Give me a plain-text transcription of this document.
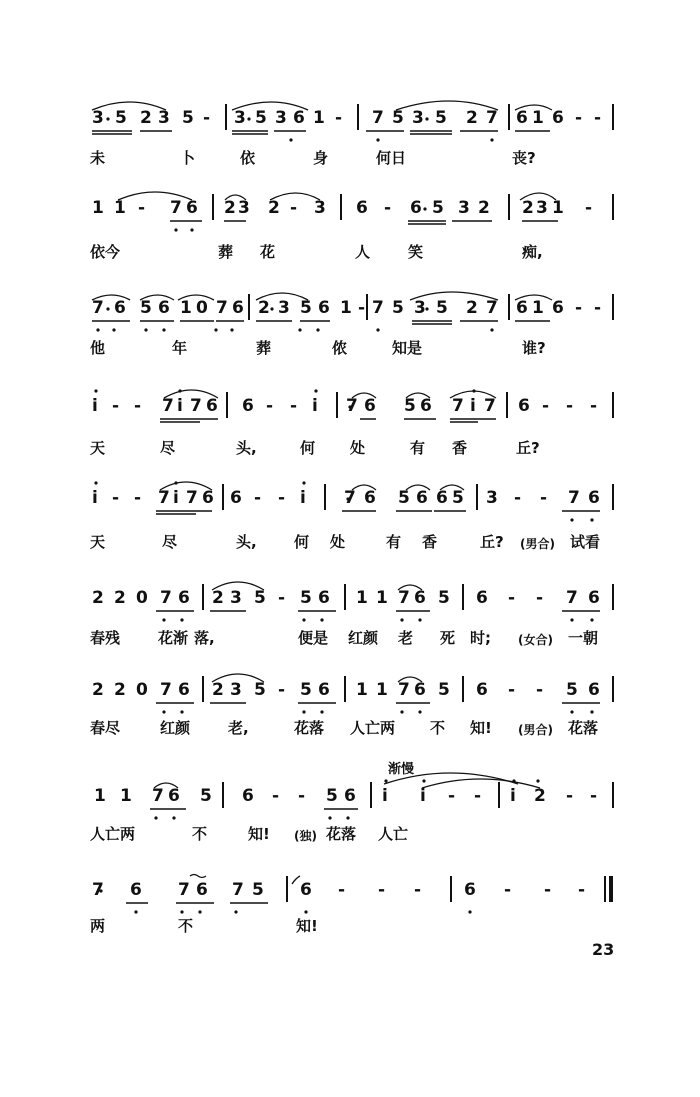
3 5 2 3 5 - 3 5 3 6 1 - 7 5 3 5 2 7 6 1 6 - -
未	卜	依	身	何日	丧?
1 1 - 7 6 2 3 2 - 3 6 - 6 5 3 2 2 3 1 -
依今	葬 花	人	笑	痴,
7 6 5 6 1 0 7 6 2 3 5 6 1 - 7 5 3 5 2 7 6 1 6 - -
他	年	葬	侬	知是	谁?
i - - 7 i 7 6 6 - - i 7 6 5 6 7 i 7 6 - - -
天	尽	头,	何 处	有 香	丘?
i - - 7 i 7 6 6 - - i 7 6 5 6 6 5 3 - - 7 6
天	尽	头, 何 处	有 香	丘? (男合) 试看
2 2 0 7 6 2 3 5 - 5 6 1 1 7 6 5 6 - - 7 6
春残	花渐 落,	便是 红颜 老 死 时; (女合) 一朝
2 2 0 7 6 2 3 5 - 5 6 1 1 7 6 5 6 - - 5 6
春尽	红颜	老,	花落 人亡两 不 知! (男合) 花落
渐慢
1 1 7 6 5 6 - - 5 6 i i - - i 2 - -
人亡两	不	知! (独) 花落 人亡
7 6 7 6 7 5 6 - - -	6 - - -
两	不	知!
23
